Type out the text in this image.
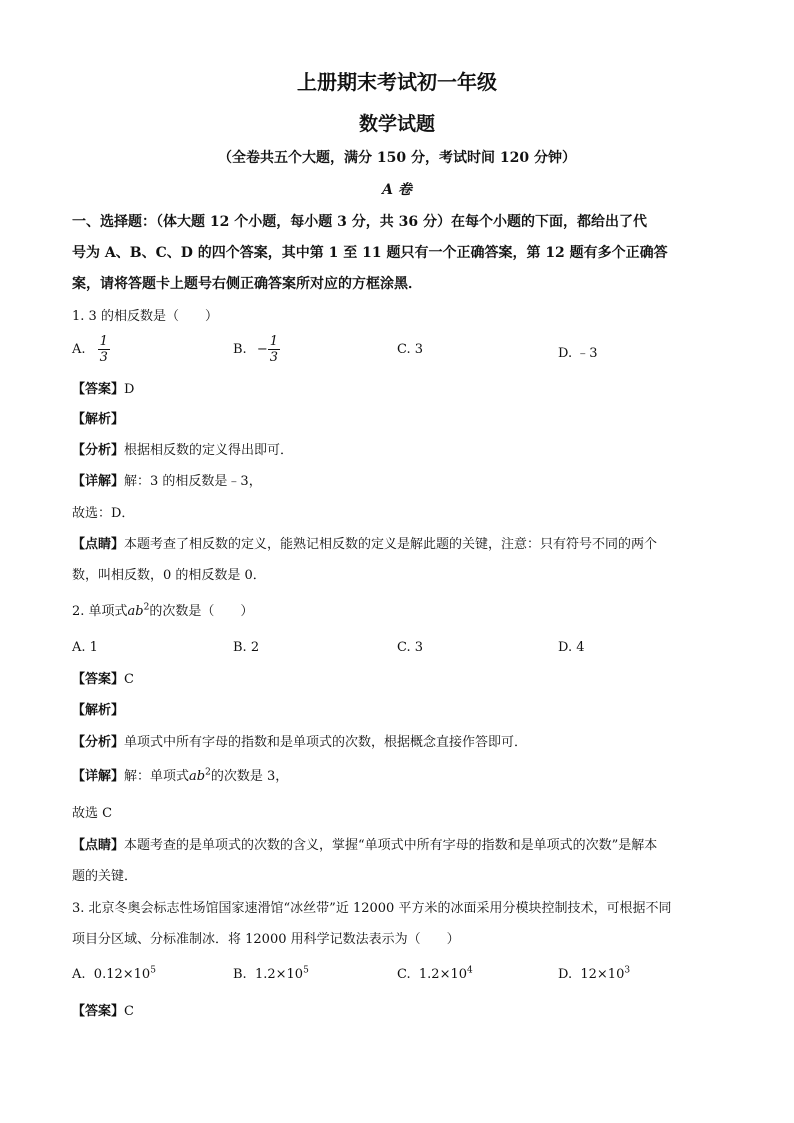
上册期末考试初一年级
数学试题
（全卷共五个大题，满分 150 分，考试时间 120 分钟）
A 卷
一、选择题：（体大题 12 个小题，每小题 3 分，共 36 分）在每个小题的下面，都给出了代
号为 A、B、C、D 的四个答案，其中第 1 至 11 题只有一个正确答案，第 12 题有多个正确答
案，请将答题卡上题号右侧正确答案所对应的方框涂黑．
1. 3 的相反数是（　　）
A. $\frac{1}{3}$	B. − $\frac{1}{3}$	C. 3	D. ﹣3
【答案】D
【解析】
【分析】根据相反数的定义得出即可．
【详解】解：3 的相反数是﹣3，
故选：D．
【点睛】本题考查了相反数的定义，能熟记相反数的定义是解此题的关键，注意：只有符号不同的两个
数，叫相反数，0 的相反数是 0．
2. 单项式$ab^2$的次数是（　　）
A. 1	B. 2	C. 3	D. 4
【答案】C
【解析】
【分析】单项式中所有字母的指数和是单项式的次数，根据概念直接作答即可．
【详解】解：单项式$ab^2$的次数是 3，
故选 C
【点睛】本题考查的是单项式的次数的含义，掌握“单项式中所有字母的指数和是单项式的次数”是解本
题的关键．
3. 北京冬奥会标志性场馆国家速滑馆“冰丝带”近 12000 平方米的冰面采用分模块控制技术，可根据不同
项目分区域、分标准制冰．将 12000 用科学记数法表示为（　　）
A. $0.12\times 10^5$	B. $1.2\times 10^5$	C. $1.2\times 10^4$	D. $12\times 10^3$
【答案】C
